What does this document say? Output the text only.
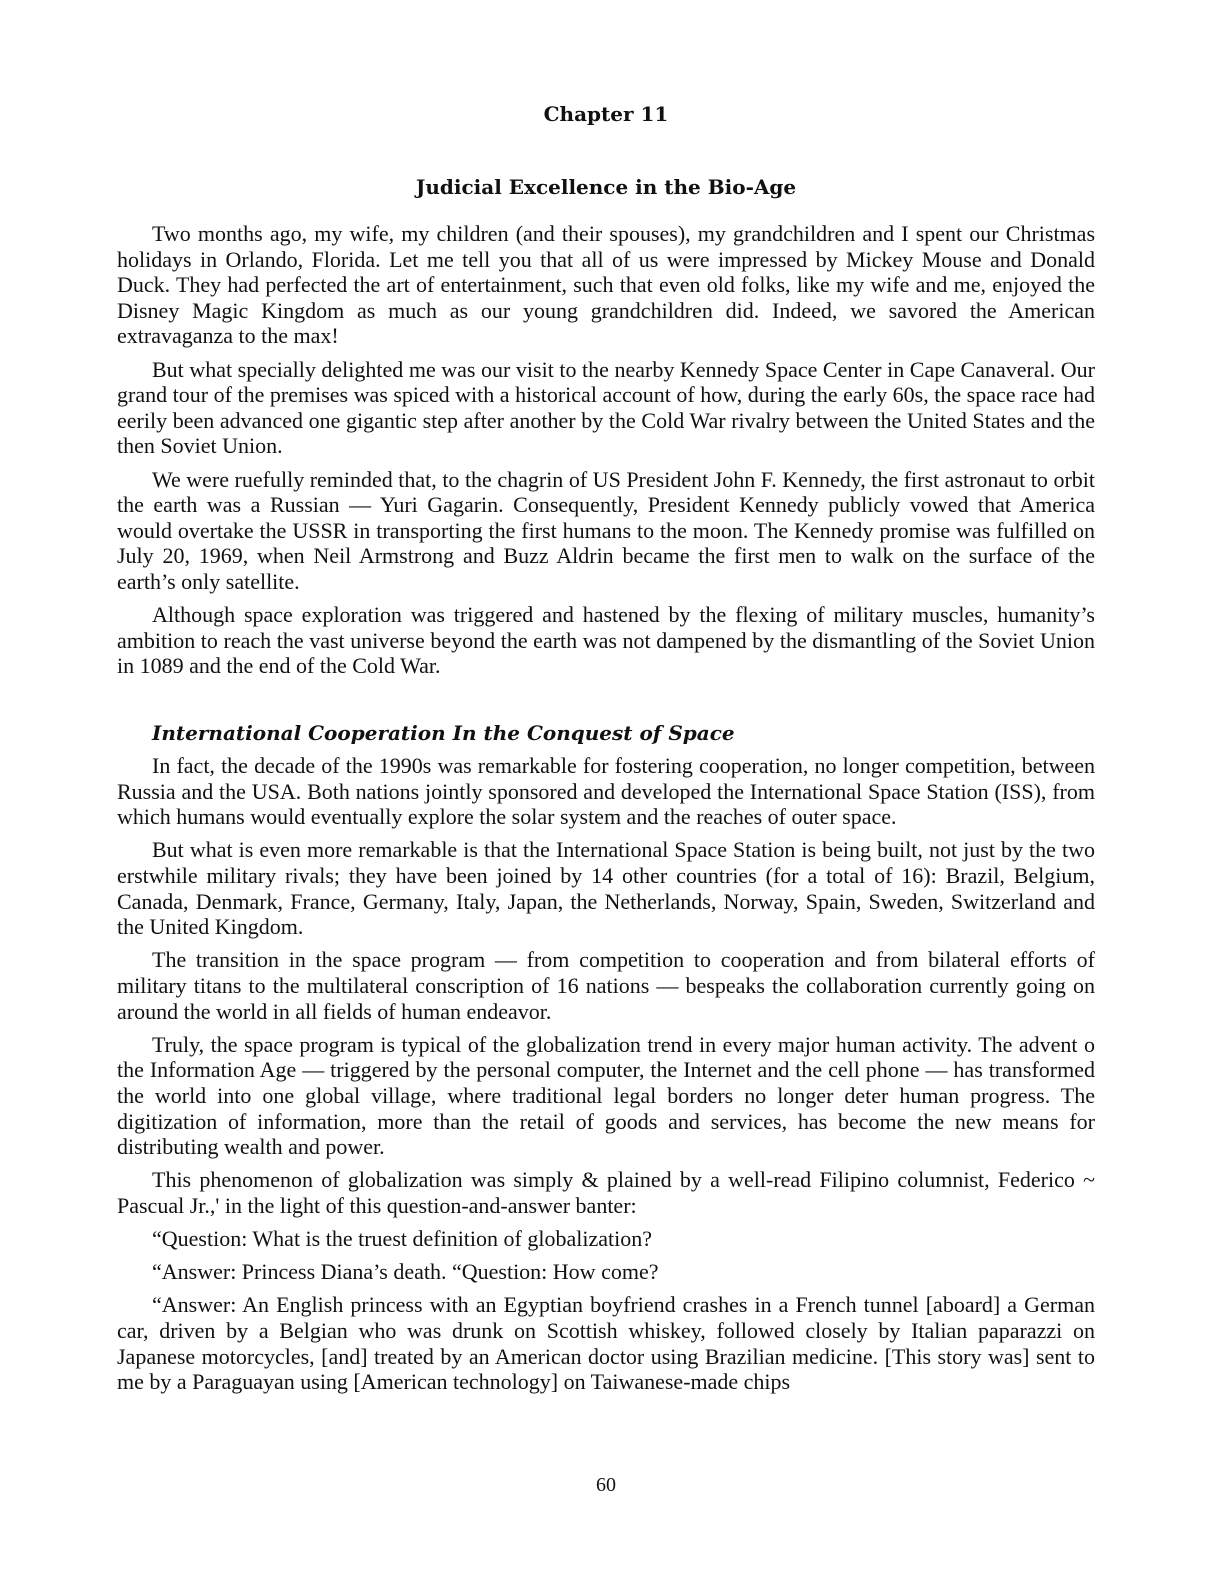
Chapter 11
Judicial Excellence in the Bio-Age

Two months ago, my wife, my children (and their spouses), my grandchildren and I spent our Christmas holidays in Orlando, Florida. Let me tell you that all of us were impressed by Mickey Mouse and Donald Duck. They had perfected the art of entertainment, such that even old folks, like my wife and me, enjoyed the Disney Magic Kingdom as much as our young grandchildren did. Indeed, we savored the American extravaganza to the max!

But what specially delighted me was our visit to the nearby Kennedy Space Center in Cape Canaveral. Our grand tour of the premises was spiced with a historical account of how, during the early 60s, the space race had eerily been advanced one gigantic step after another by the Cold War rivalry between the United States and the then Soviet Union.

We were ruefully reminded that, to the chagrin of US President John F. Kennedy, the first astronaut to orbit the earth was a Russian — Yuri Gagarin. Consequently, President Kennedy publicly vowed that America would overtake the USSR in transporting the first humans to the moon. The Kennedy promise was fulfilled on July 20, 1969, when Neil Armstrong and Buzz Aldrin became the first men to walk on the surface of the earth’s only satellite.

Although space exploration was triggered and hastened by the flexing of military muscles, humanity’s ambition to reach the vast universe beyond the earth was not dampened by the dismantling of the Soviet Union in 1089 and the end of the Cold War.

International Cooperation In the Conquest of Space

In fact, the decade of the 1990s was remarkable for fostering cooperation, no longer competition, between Russia and the USA. Both nations jointly sponsored and developed the International Space Station (ISS), from which humans would eventually explore the solar system and the reaches of outer space.

But what is even more remarkable is that the International Space Station is being built, not just by the two erstwhile military rivals; they have been joined by 14 other countries (for a total of 16): Brazil, Belgium, Canada, Denmark, France, Germany, Italy, Japan, the Netherlands, Norway, Spain, Sweden, Switzerland and the United Kingdom.

The transition in the space program — from competition to cooperation and from bilateral efforts of military titans to the multilateral conscription of 16 nations — bespeaks the collaboration currently going on around the world in all fields of human endeavor.

Truly, the space program is typical of the globalization trend in every major human activity. The advent o the Information Age — triggered by the personal computer, the Internet and the cell phone — has transformed the world into one global village, where traditional legal borders no longer deter human progress. The digitization of information, more than the retail of goods and services, has become the new means for distributing wealth and power.

This phenomenon of globalization was simply & plained by a well-read Filipino columnist, Federico ~ Pascual Jr.,' in the light of this question-and-answer banter:

“Question: What is the truest definition of globalization?

“Answer: Princess Diana’s death. “Question: How come?

“Answer: An English princess with an Egyptian boyfriend crashes in a French tunnel [aboard] a German car, driven by a Belgian who was drunk on Scottish whiskey, followed closely by Italian paparazzi on Japanese motorcycles, [and] treated by an American doctor using Brazilian medicine. [This story was] sent to me by a Paraguayan using [American technology] on Taiwanese-made chips

60
